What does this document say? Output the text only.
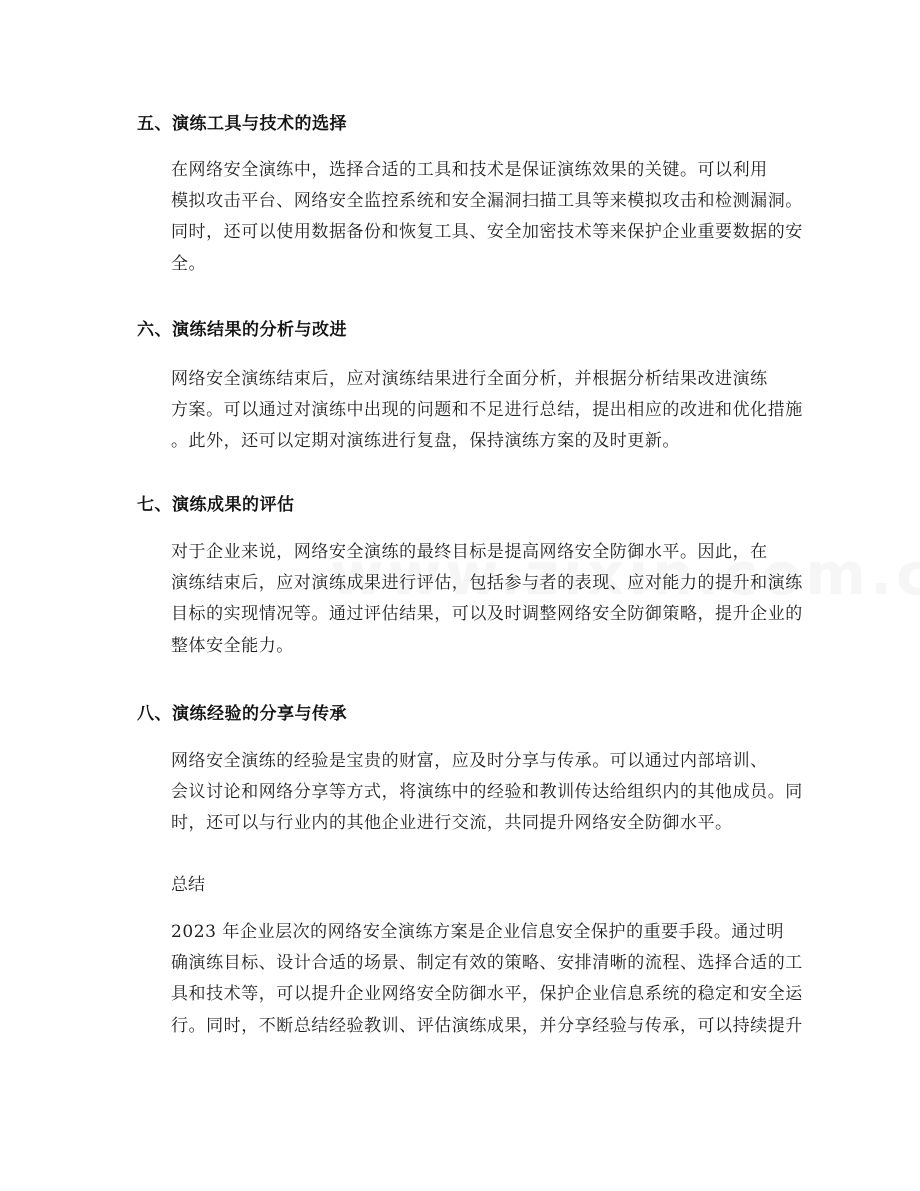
五、演练工具与技术的选择
在网络安全演练中，选择合适的工具和技术是保证演练效果的关键。可以利用
模拟攻击平台、网络安全监控系统和安全漏洞扫描工具等来模拟攻击和检测漏洞。
同时，还可以使用数据备份和恢复工具、安全加密技术等来保护企业重要数据的安
全。
六、演练结果的分析与改进
网络安全演练结束后，应对演练结果进行全面分析，并根据分析结果改进演练
方案。可以通过对演练中出现的问题和不足进行总结，提出相应的改进和优化措施
。此外，还可以定期对演练进行复盘，保持演练方案的及时更新。
七、演练成果的评估
对于企业来说，网络安全演练的最终目标是提高网络安全防御水平。因此，在
演练结束后，应对演练成果进行评估，包括参与者的表现、应对能力的提升和演练
目标的实现情况等。通过评估结果，可以及时调整网络安全防御策略，提升企业的
整体安全能力。
八、演练经验的分享与传承
网络安全演练的经验是宝贵的财富，应及时分享与传承。可以通过内部培训、
会议讨论和网络分享等方式，将演练中的经验和教训传达给组织内的其他成员。同
时，还可以与行业内的其他企业进行交流，共同提升网络安全防御水平。
总结
2023 年企业层次的网络安全演练方案是企业信息安全保护的重要手段。通过明
确演练目标、设计合适的场景、制定有效的策略、安排清晰的流程、选择合适的工
具和技术等，可以提升企业网络安全防御水平，保护企业信息系统的稳定和安全运
行。同时，不断总结经验教训、评估演练成果，并分享经验与传承，可以持续提升
